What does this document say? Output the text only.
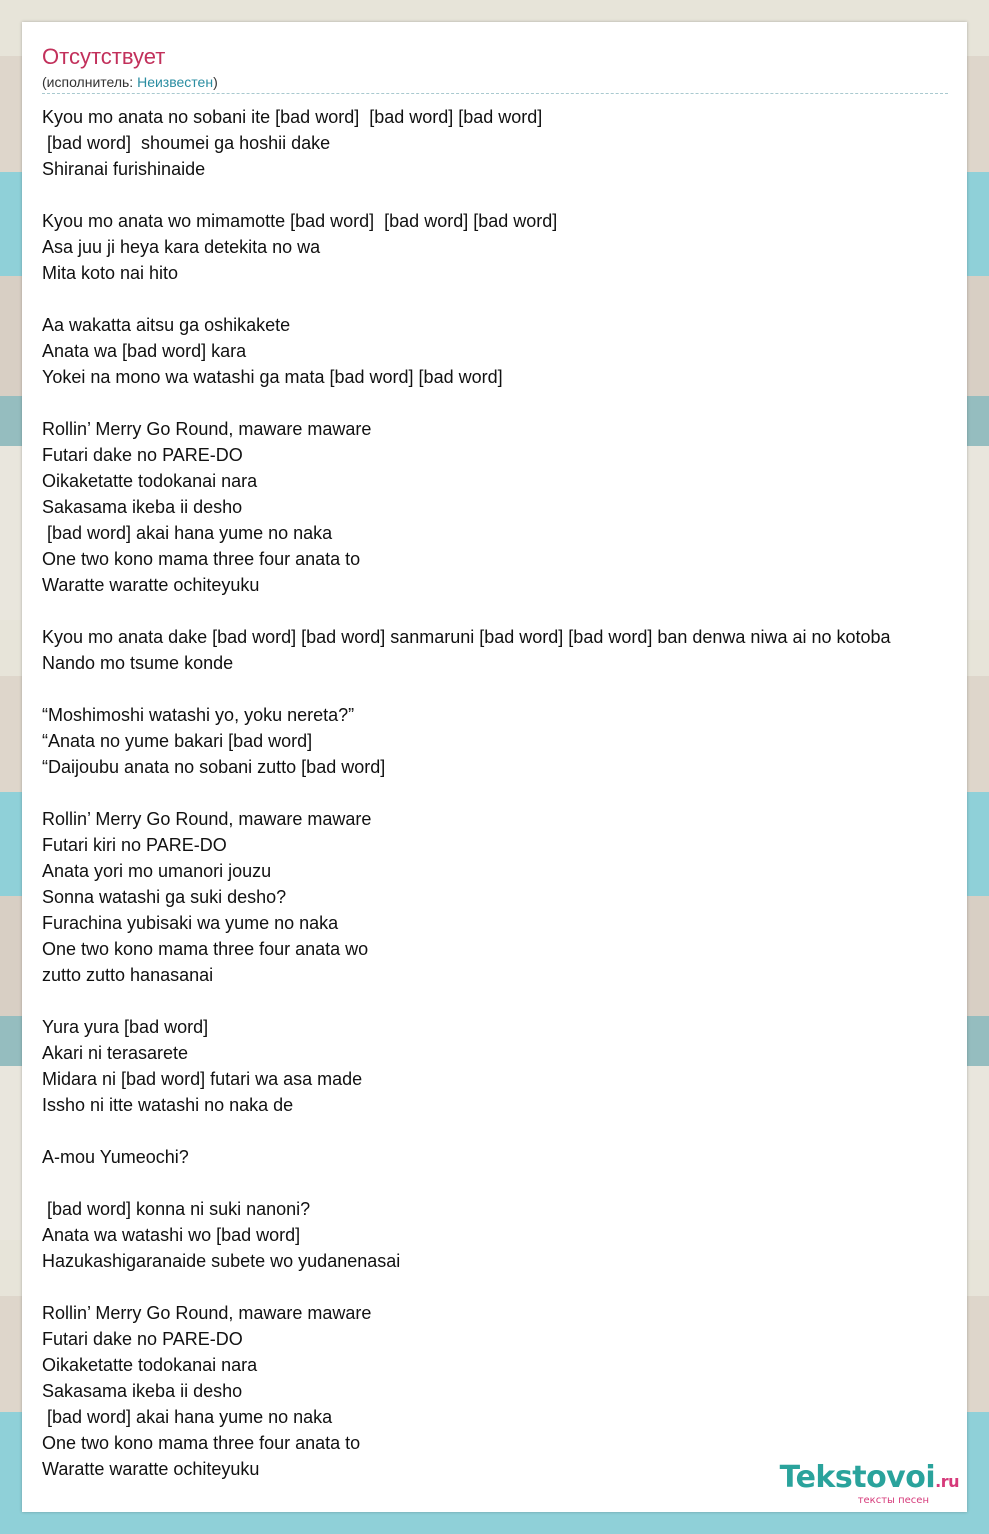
Отсутствует
(исполнитель: Неизвестен)
Kyou mo anata no sobani ite [bad word]  [bad word] [bad word]
[bad word]  shoumei ga hoshii dake
Shiranai furishinaide
Kyou mo anata wo mimamotte [bad word]  [bad word] [bad word]
Asa juu ji heya kara detekita no wa
Mita koto nai hito
Aa wakatta aitsu ga oshikakete
Anata wa [bad word] kara
Yokei na mono wa watashi ga mata [bad word] [bad word]
Rollin’ Merry Go Round, maware maware
Futari dake no PARE-DO
Oikaketatte todokanai nara
Sakasama ikeba ii desho
[bad word] akai hana yume no naka
One two kono mama three four anata to
Waratte waratte ochiteyuku
Kyou mo anata dake [bad word] [bad word] sanmaruni [bad word] [bad word] ban denwa niwa ai no kotoba
Nando mo tsume konde
“Moshimoshi watashi yo, yoku nereta?”
“Anata no yume bakari [bad word]
“Daijoubu anata no sobani zutto [bad word]
Rollin’ Merry Go Round, maware maware
Futari kiri no PARE-DO
Anata yori mo umanori jouzu
Sonna watashi ga suki desho?
Furachina yubisaki wa yume no naka
One two kono mama three four anata wo
zutto zutto hanasanai
Yura yura [bad word]
Akari ni terasarete
Midara ni [bad word] futari wa asa made
Issho ni itte watashi no naka de
A-mou Yumeochi?
[bad word] konna ni suki nanoni?
Anata wa watashi wo [bad word]
Hazukashigaranaide subete wo yudanenasai
Rollin’ Merry Go Round, maware maware
Futari dake no PARE-DO
Oikaketatte todokanai nara
Sakasama ikeba ii desho
[bad word] akai hana yume no naka
One two kono mama three four anata to
Waratte waratte ochiteyuku	Tekstovoi.ru
тексты песен
